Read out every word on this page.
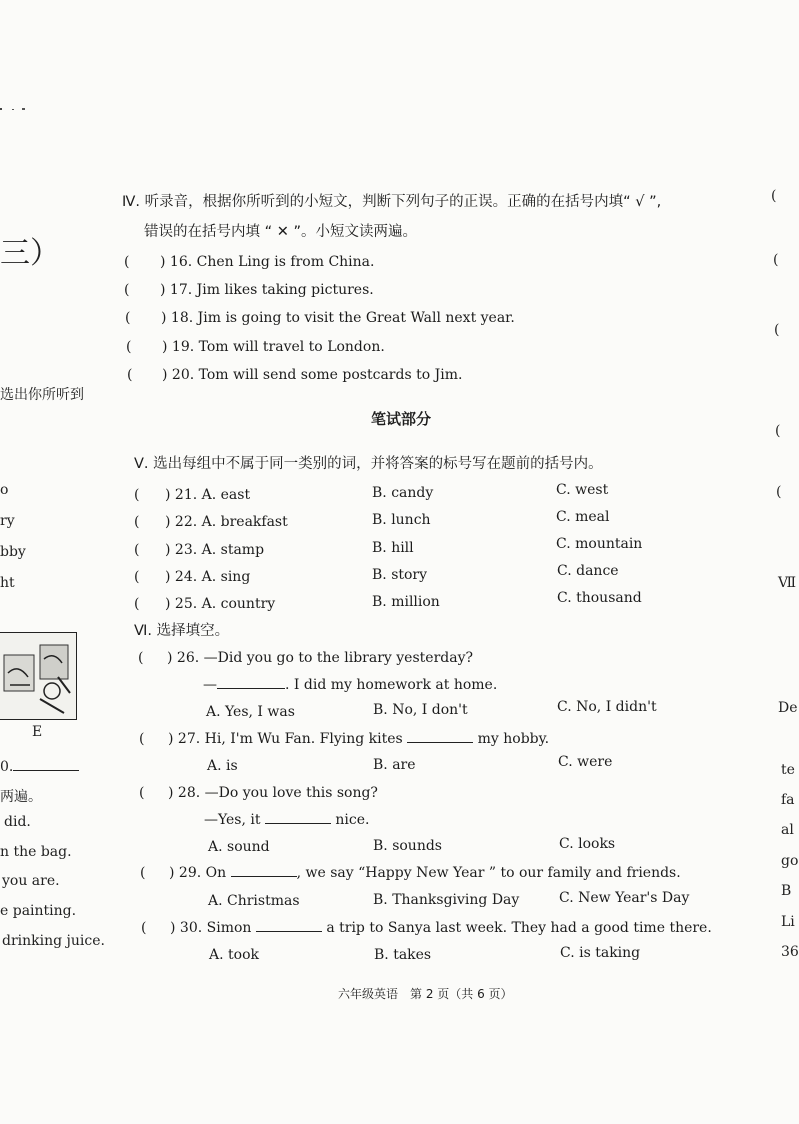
三）
选出你所听到
o
ry
bby
ht
E
0.
两遍。
did.
n the bag.
you are.
e painting.
drinking juice.
(
(
(
(
(
Ⅶ
De
te
fa
al
go
B
Li
36
Ⅳ. 听录音，根据你所听到的小短文，判断下列句子的正误。正确的在括号内填“ √ ”,
错误的在括号内填 “ ✕ ”。小短文读两遍。
( ) 16. Chen Ling is from China.
( ) 17. Jim likes taking pictures.
( ) 18. Jim is going to visit the Great Wall next year.
( ) 19. Tom will travel to London.
( ) 20. Tom will send some postcards to Jim.
笔试部分
Ⅴ. 选出每组中不属于同一类别的词，并将答案的标号写在题前的括号内。
( ) 21. A. east	B. candy	C. west
( ) 22. A. breakfast	B. lunch	C. meal
( ) 23. A. stamp	B. hill	C. mountain
( ) 24. A. sing	B. story	C. dance
( ) 25. A. country	B. million	C. thousand
Ⅵ. 选择填空。
( ) 26. —Did you go to the library yesterday?
—	. I did my homework at home.
A. Yes, I was	B. No, I don't	C. No, I didn't
( ) 27. Hi, I'm Wu Fan. Flying kites	my hobby.
A. is	B. are	C. were
( ) 28. —Do you love this song?
—Yes, it	nice.
A. sound	B. sounds	C. looks
( ) 29. On	, we say “Happy New Year ” to our family and friends.
A. Christmas	B. Thanksgiving Day	C. New Year's Day
( ) 30. Simon	a trip to Sanya last week. They had a good time there.
A. took	B. takes	C. is taking
六年级英语　第 2 页（共 6 页）
